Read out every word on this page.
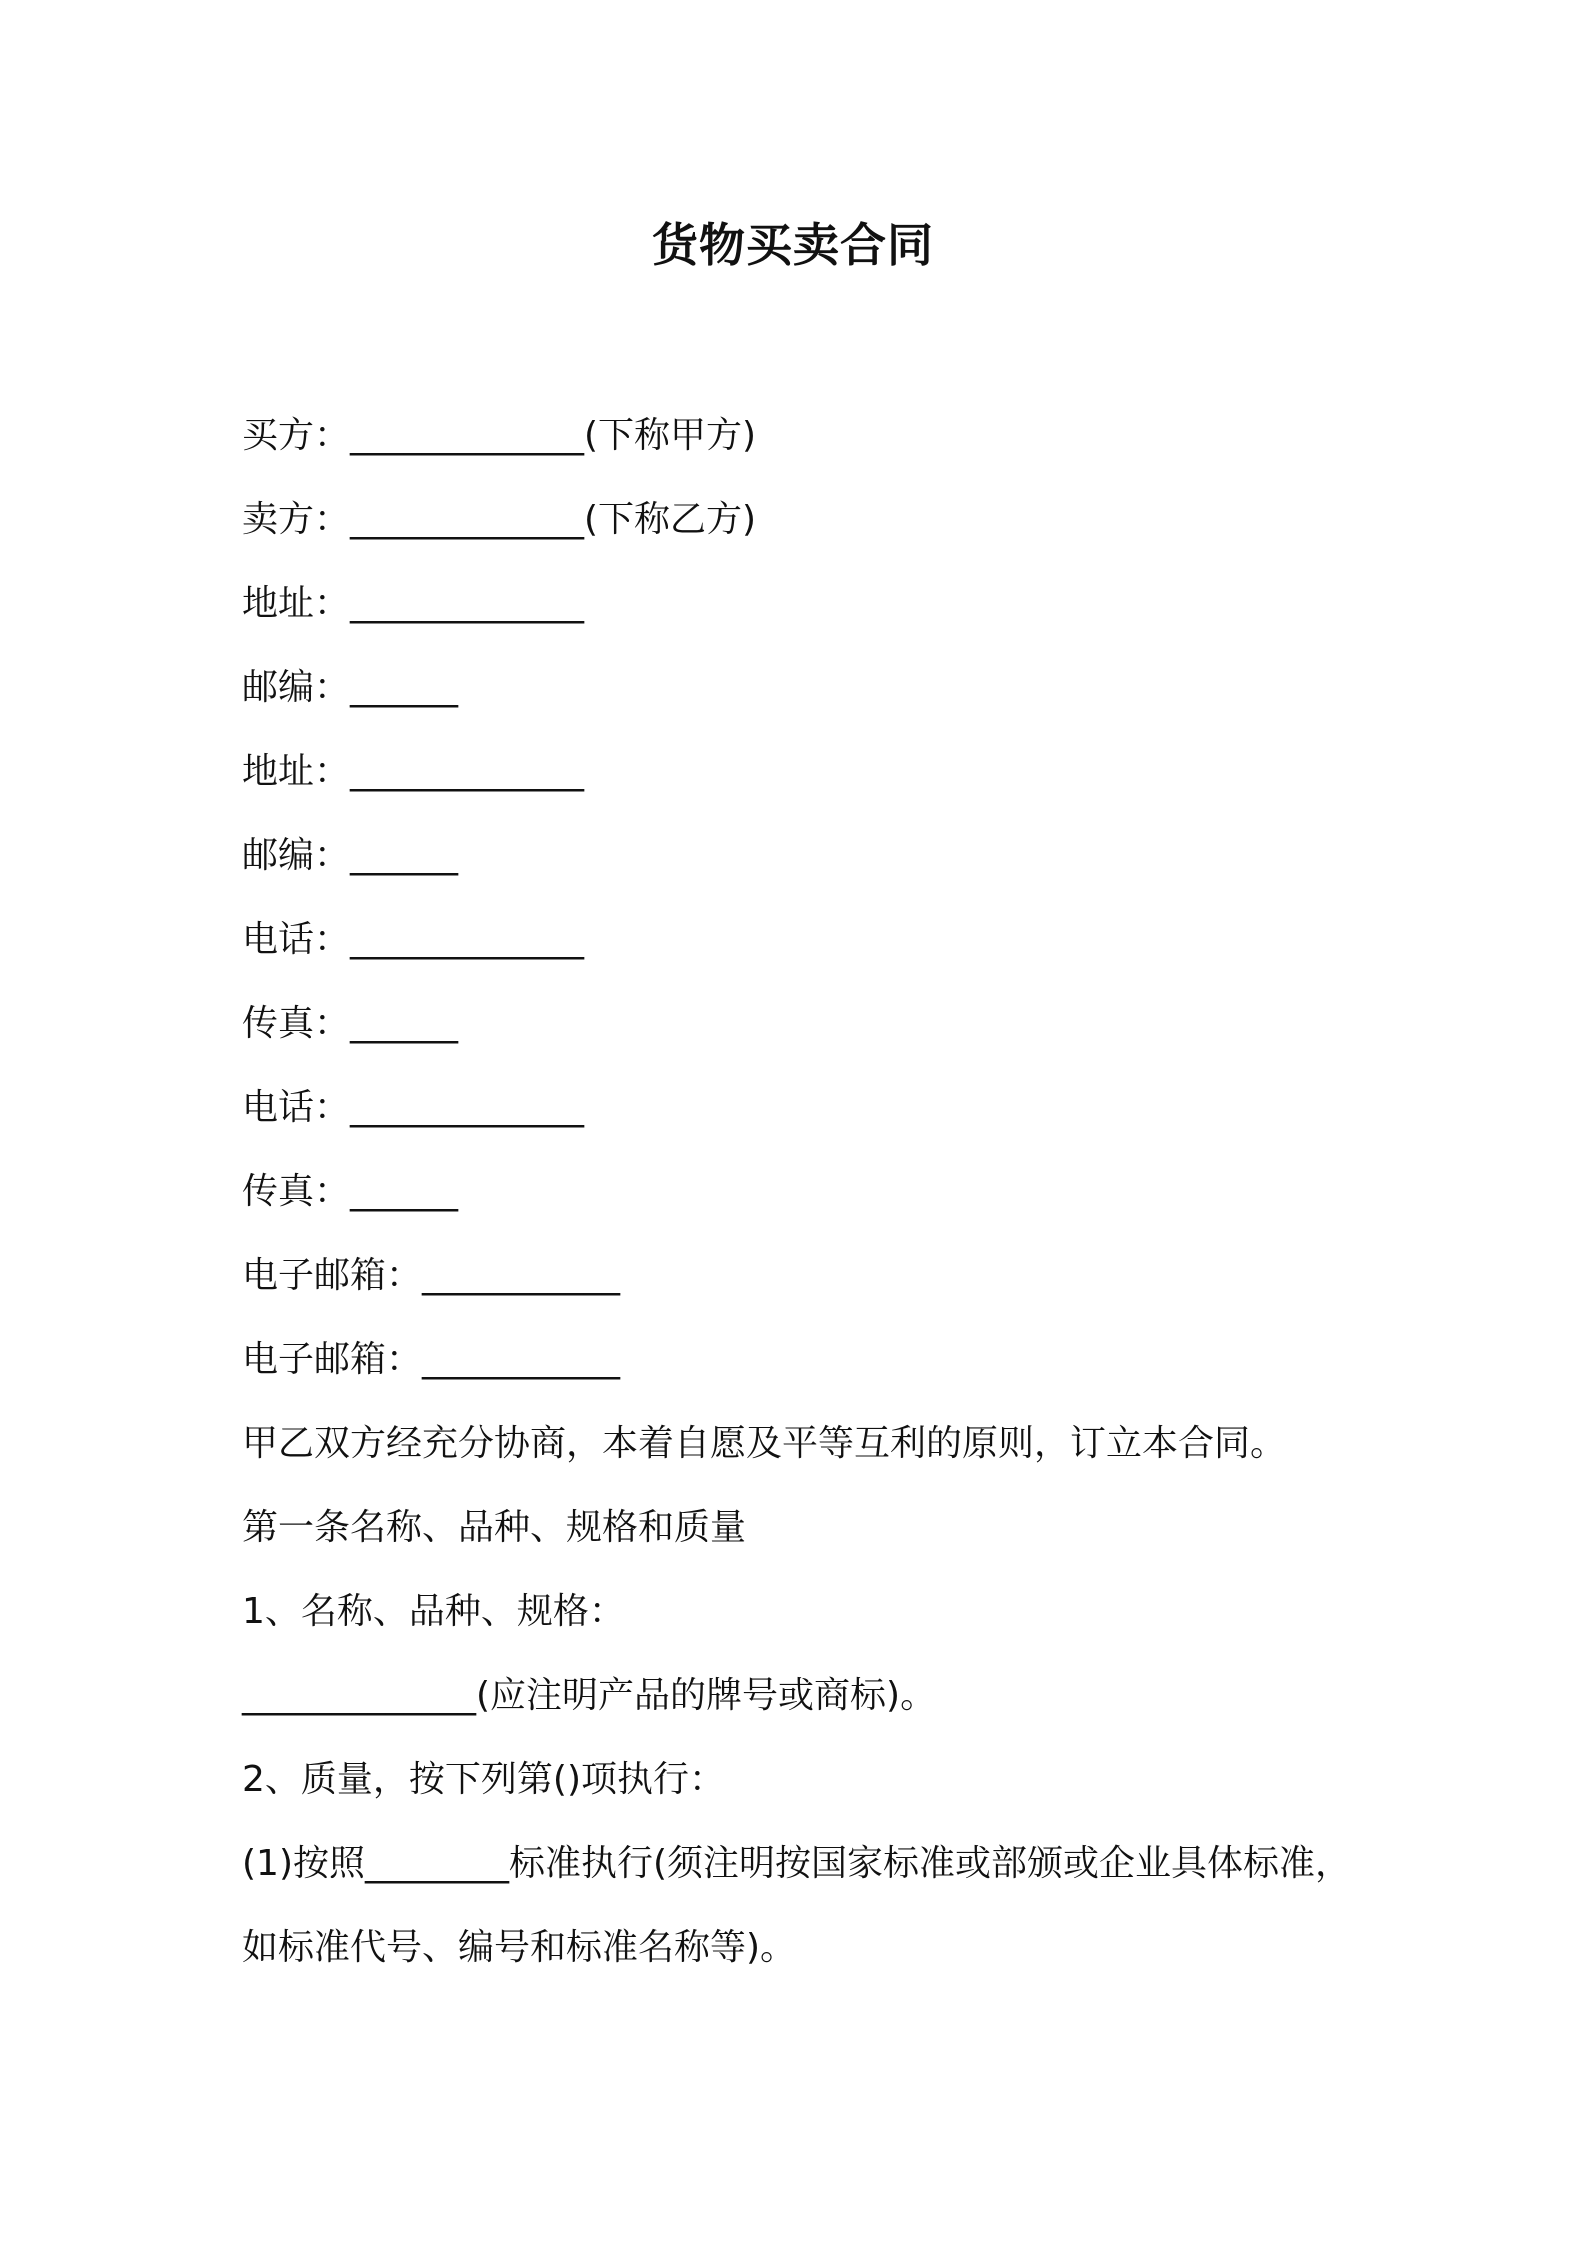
货物买卖合同
买方：_____________(下称甲方)
卖方：_____________(下称乙方)
地址：_____________
邮编：______
地址：_____________
邮编：______
电话：_____________
传真：______
电话：_____________
传真：______
电子邮箱：___________
电子邮箱：___________
甲乙双方经充分协商，本着自愿及平等互利的原则，订立本合同。
第一条名称、品种、规格和质量
1、名称、品种、规格：
_____________(应注明产品的牌号或商标)。
2、质量，按下列第()项执行：
(1)按照________标准执行(须注明按国家标准或部颁或企业具体标准，
如标准代号、编号和标准名称等)。
